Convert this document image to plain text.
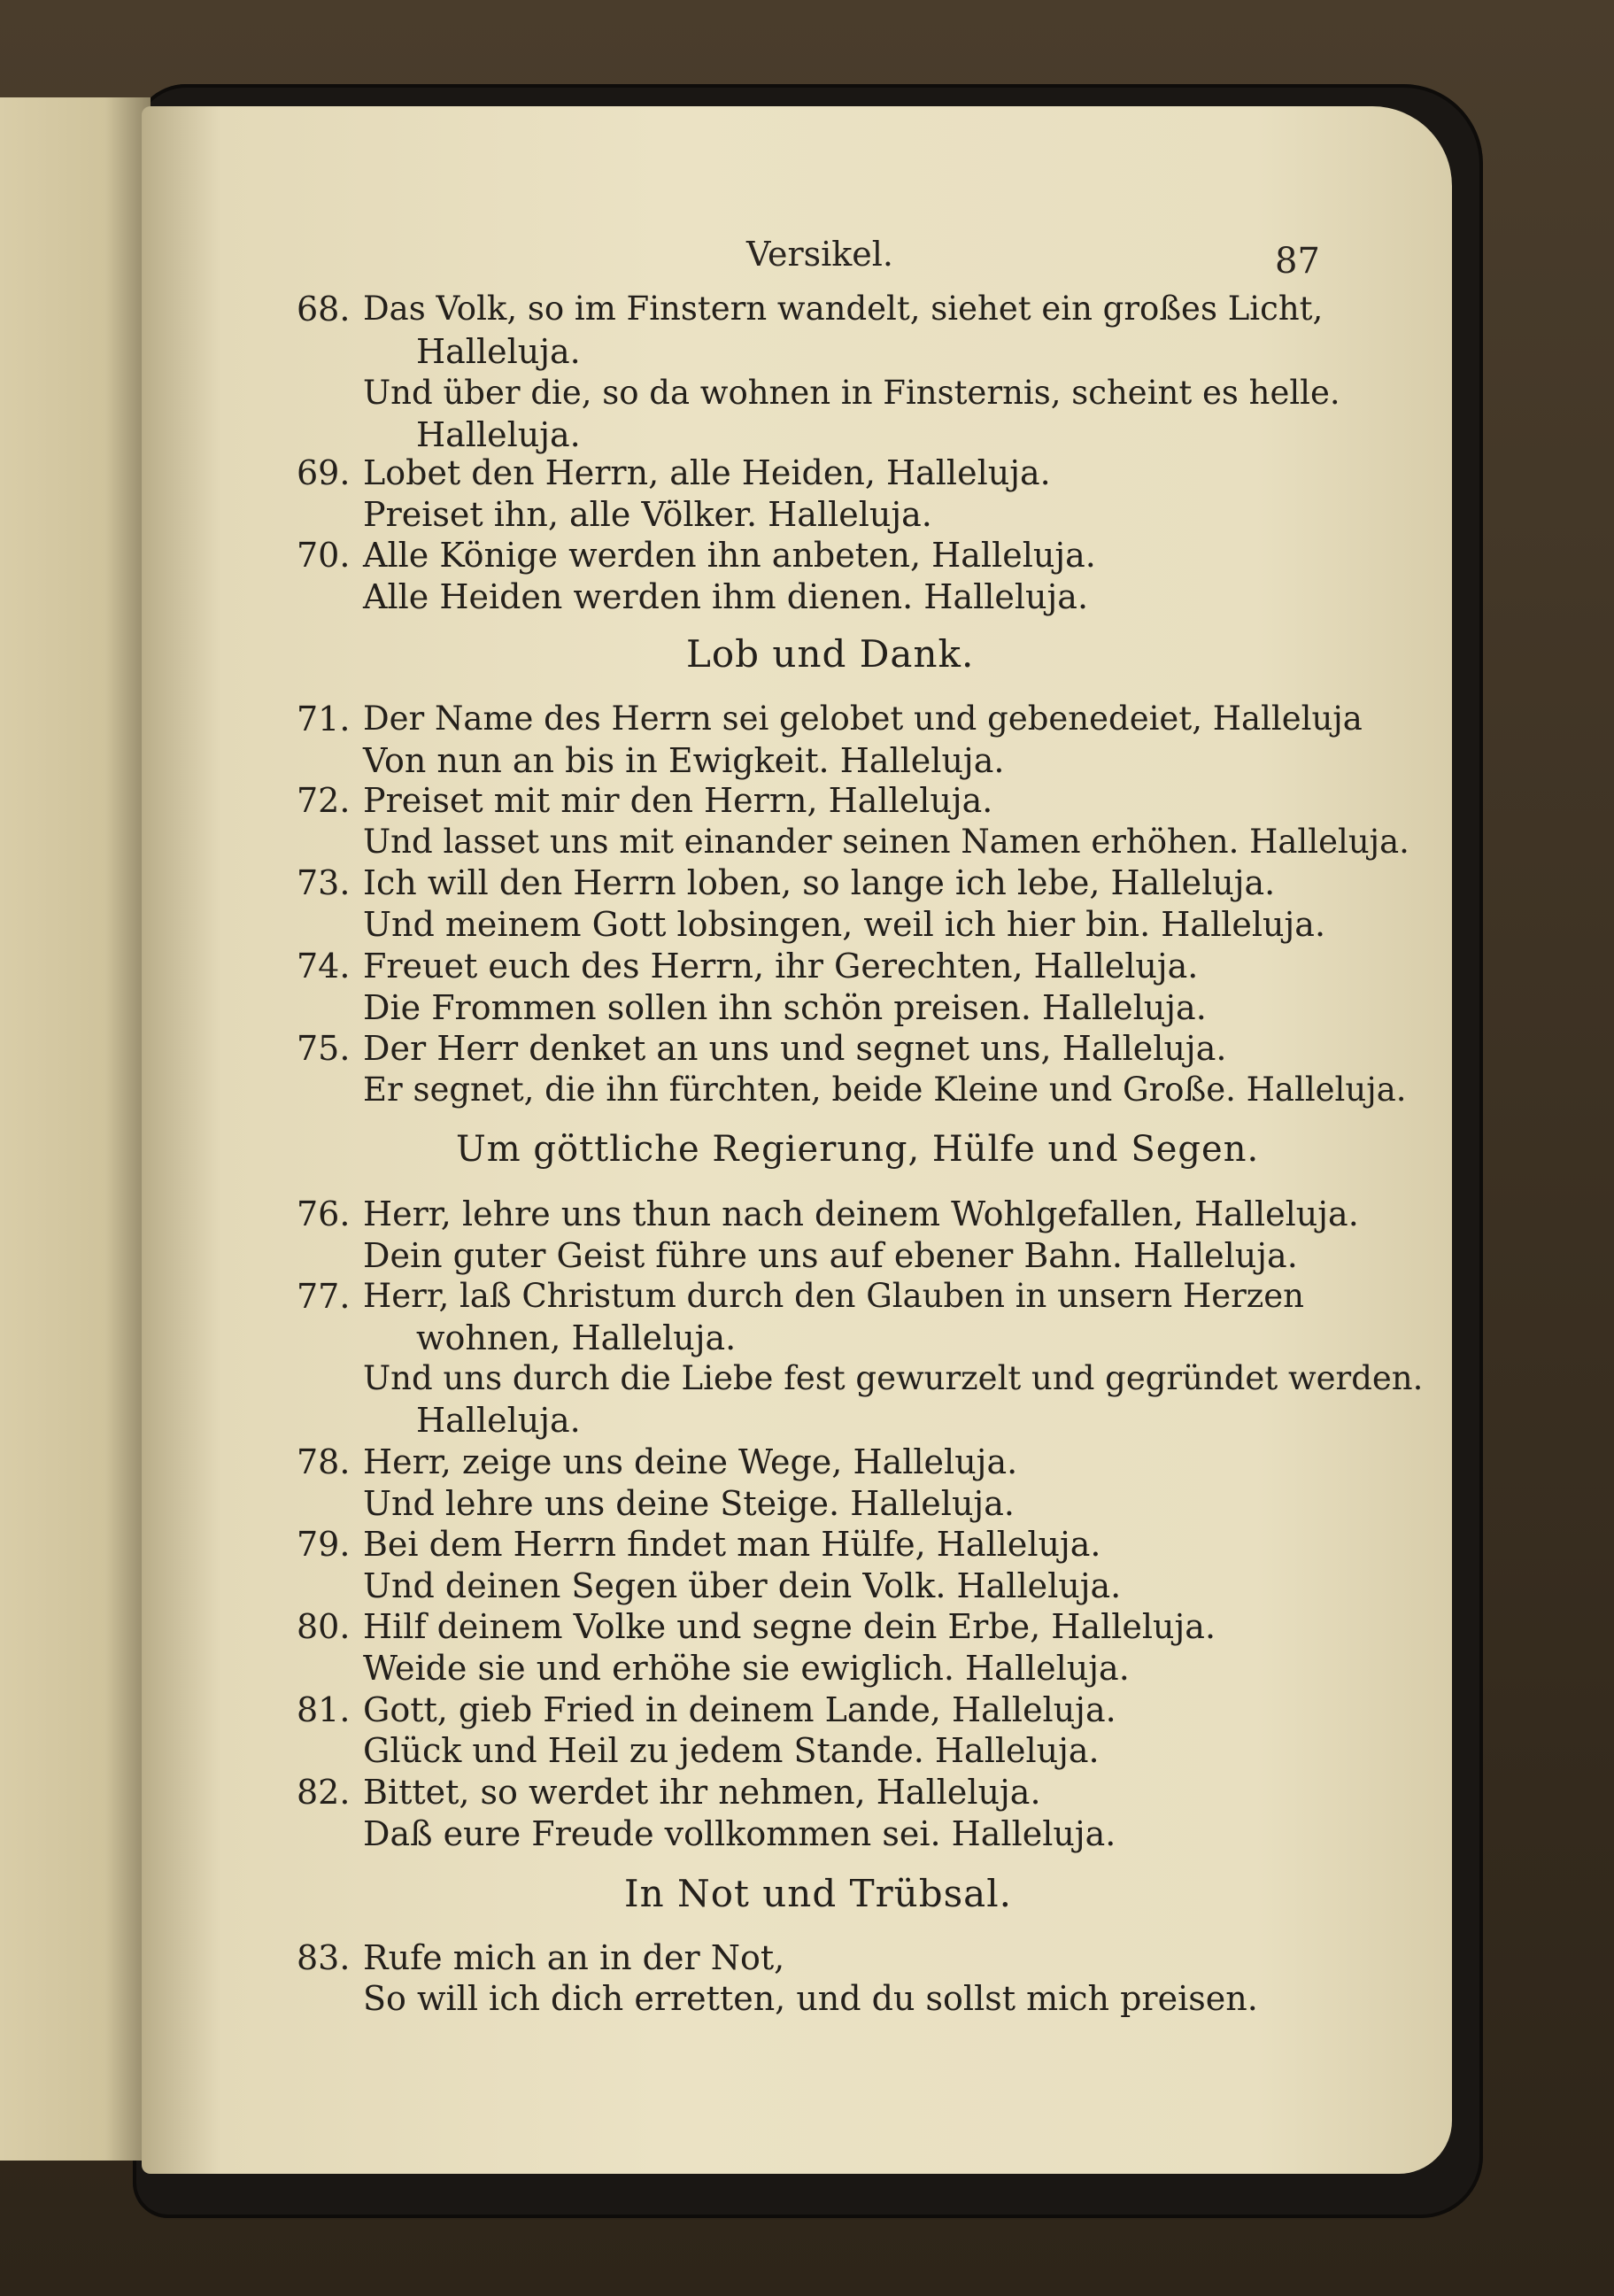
Versikel.	87
68. Das Volk, so im Finstern wandelt, siehet ein großes Licht,
Halleluja.
Und über die, so da wohnen in Finsternis, scheint es helle.
Halleluja.
69. Lobet den Herrn, alle Heiden, Halleluja.
Preiset ihn, alle Völker. Halleluja.
70. Alle Könige werden ihn anbeten, Halleluja.
Alle Heiden werden ihm dienen. Halleluja.
Lob und Dank.
71. Der Name des Herrn sei gelobet und gebenedeiet, Halleluja
Von nun an bis in Ewigkeit. Halleluja.
72. Preiset mit mir den Herrn, Halleluja.
Und lasset uns mit einander seinen Namen erhöhen. Halleluja.
73. Ich will den Herrn loben, so lange ich lebe, Halleluja.
Und meinem Gott lobsingen, weil ich hier bin. Halleluja.
74. Freuet euch des Herrn, ihr Gerechten, Halleluja.
Die Frommen sollen ihn schön preisen. Halleluja.
75. Der Herr denket an uns und segnet uns, Halleluja.
Er segnet, die ihn fürchten, beide Kleine und Große. Halleluja.
Um göttliche Regierung, Hülfe und Segen.
76. Herr, lehre uns thun nach deinem Wohlgefallen, Halleluja.
Dein guter Geist führe uns auf ebener Bahn. Halleluja.
77. Herr, laß Christum durch den Glauben in unsern Herzen
wohnen, Halleluja.
Und uns durch die Liebe fest gewurzelt und gegründet werden.
Halleluja.
78. Herr, zeige uns deine Wege, Halleluja.
Und lehre uns deine Steige. Halleluja.
79. Bei dem Herrn findet man Hülfe, Halleluja.
Und deinen Segen über dein Volk. Halleluja.
80. Hilf deinem Volke und segne dein Erbe, Halleluja.
Weide sie und erhöhe sie ewiglich. Halleluja.
81. Gott, gieb Fried in deinem Lande, Halleluja.
Glück und Heil zu jedem Stande. Halleluja.
82. Bittet, so werdet ihr nehmen, Halleluja.
Daß eure Freude vollkommen sei. Halleluja.
In Not und Trübsal.
83. Rufe mich an in der Not,
So will ich dich erretten, und du sollst mich preisen.
